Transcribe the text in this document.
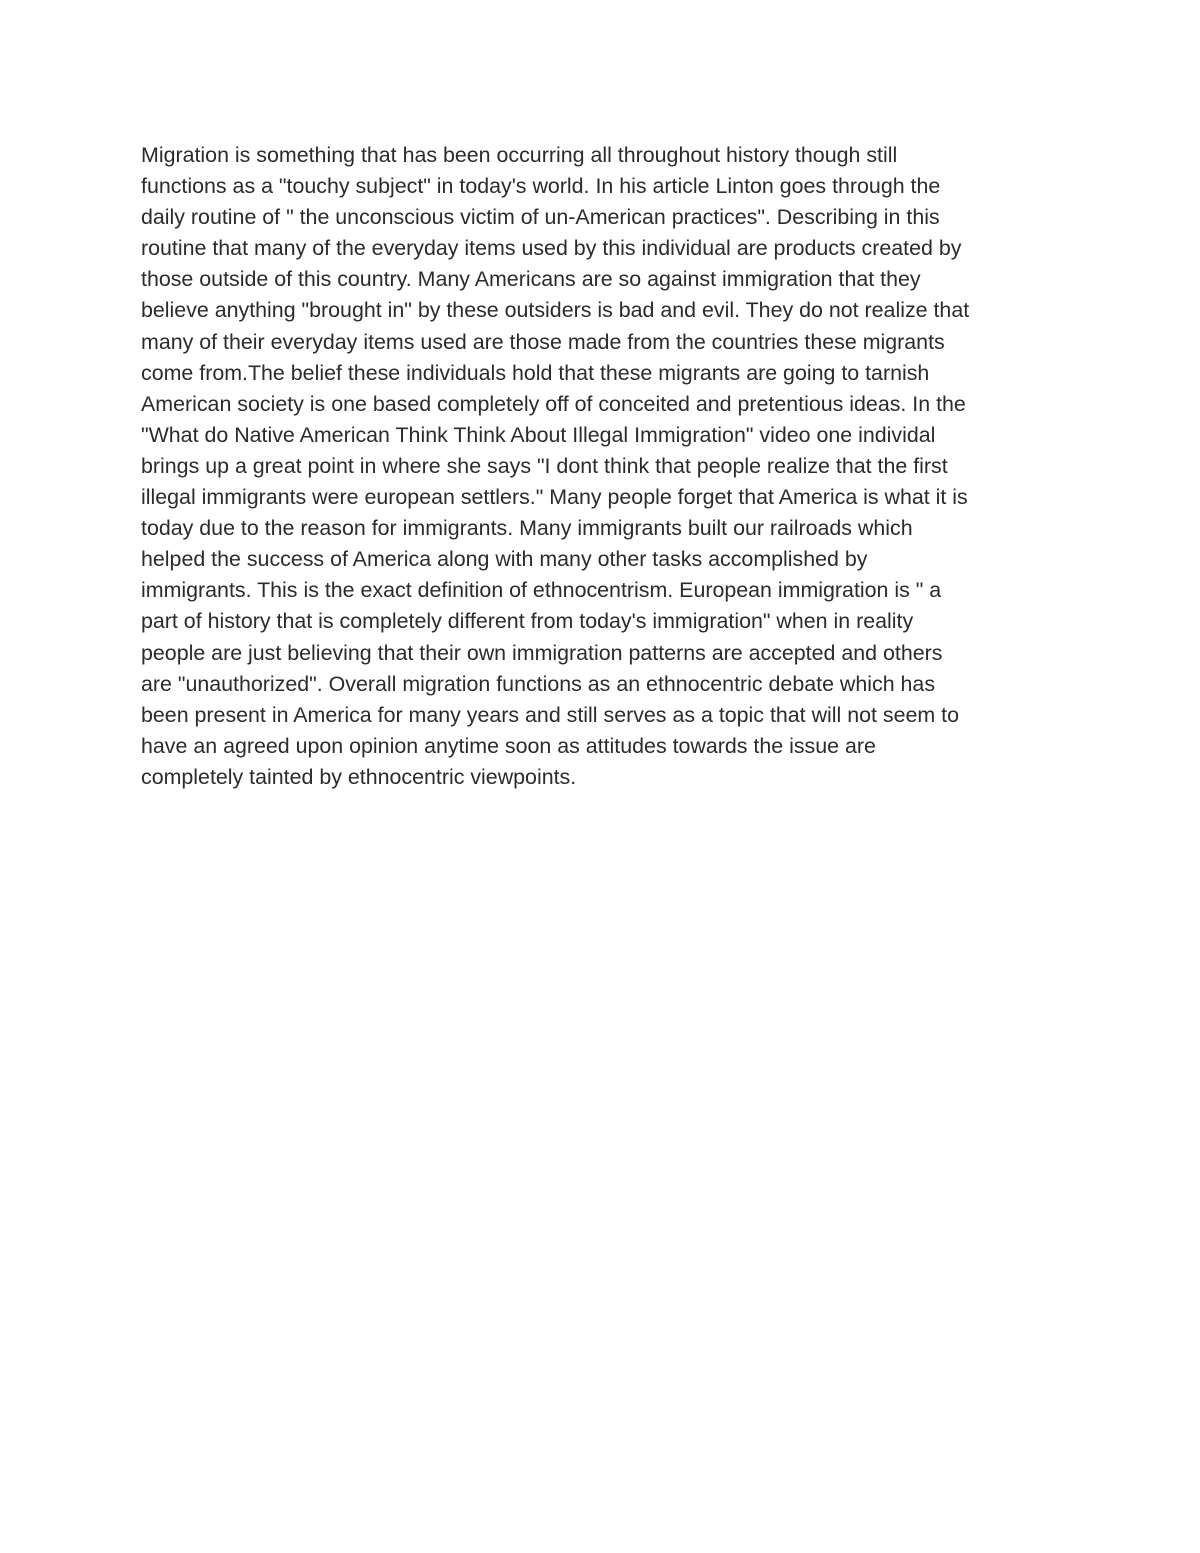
Migration is something that has been occurring all throughout history though still
functions as a "touchy subject" in today's world. In his article Linton goes through the
daily routine of " the unconscious victim of un-American practices". Describing in this
routine that many of the everyday items used by this individual are products created by
those outside of this country. Many Americans are so against immigration that they
believe anything "brought in" by these outsiders is bad and evil. They do not realize that
many of their everyday items used are those made from the countries these migrants
come from.The belief these individuals hold that these migrants are going to tarnish
American society is one based completely off of conceited and pretentious ideas. In the
"What do Native American Think Think About Illegal Immigration" video one individal
brings up a great point in where she says "I dont think that people realize that the first
illegal immigrants were european settlers." Many people forget that America is what it is
today due to the reason for immigrants. Many immigrants built our railroads which
helped the success of America along with many other tasks accomplished by
immigrants. This is the exact definition of ethnocentrism. European immigration is " a
part of history that is completely different from today's immigration" when in reality
people are just believing that their own immigration patterns are accepted and others
are "unauthorized". Overall migration functions as an ethnocentric debate which has
been present in America for many years and still serves as a topic that will not seem to
have an agreed upon opinion anytime soon as attitudes towards the issue are
completely tainted by ethnocentric viewpoints.
